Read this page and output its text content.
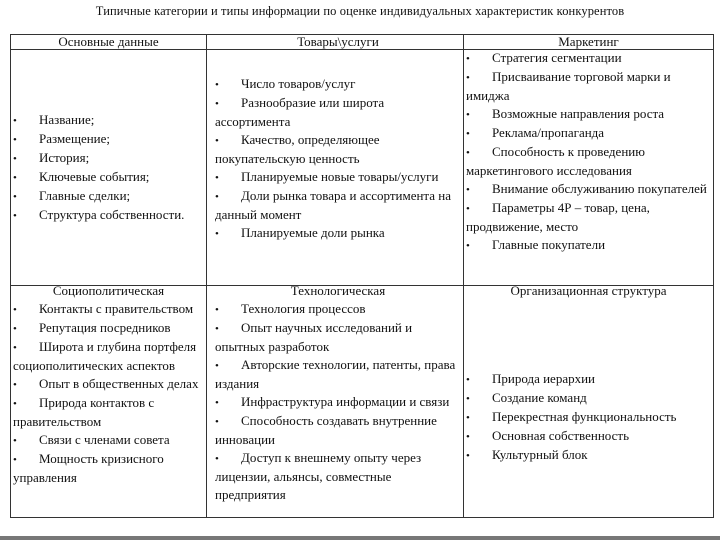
Типичные категории и типы информации по оценке индивидуальных характеристик конкурентов
Основные данные
• Название;
• Размещение;
• История;
• Ключевые события;
• Главные сделки;
• Структура собственности.
Товары\услуги
• Число товаров/услуг
• Разнообразие или широта ассортимента
• Качество, определяющее покупательскую ценность
• Планируемые новые товары/услуги
• Доли рынка товара и ассортимента на данный момент
• Планируемые доли рынка
Маркетинг
• Стратегия сегментации
• Присваивание торговой марки и имиджа
• Возможные направления роста
• Реклама/пропаганда
• Способность к проведению маркетингового исследования
• Внимание обслуживанию покупателей
• Параметры 4Р – товар, цена, продвижение, место
• Главные покупатели
Социополитическая
• Контакты с правительством
• Репутация посредников
• Широта и глубина портфеля социополитических аспектов
• Опыт в общественных делах
• Природа контактов с правительством
• Связи с членами совета
• Мощность кризисного управления
Технологическая
• Технология процессов
• Опыт научных исследований и опытных разработок
• Авторские технологии, патенты, права издания
• Инфраструктура информации и связи
• Способность создавать внутренние инновации
• Доступ к внешнему опыту через лицензии, альянсы, совместные предприятия
Организационная структура
• Природа иерархии
• Создание команд
• Перекрестная функциональность
• Основная собственность
• Культурный блок
